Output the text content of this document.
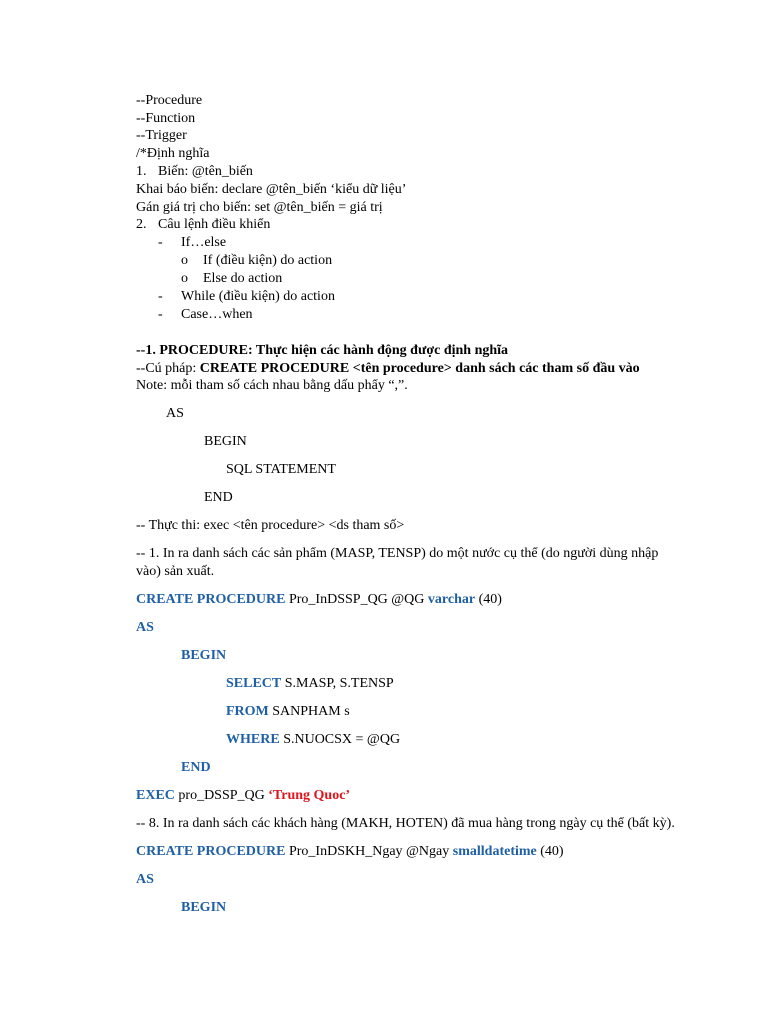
--Procedure
--Function
--Trigger
/*Định nghĩa
1. Biến: @tên_biến
Khai báo biến: declare @tên_biến ‘kiểu dữ liệu’
Gán giá trị cho biến: set @tên_biến = giá trị
2. Câu lệnh điều khiển
- If…else
o If (điều kiện) do action
o Else do action
- While (điều kiện) do action
- Case…when
--1. PROCEDURE: Thực hiện các hành động được định nghĩa
--Cú pháp: CREATE PROCEDURE <tên procedure> danh sách các tham số đầu vào
Note: mỗi tham số cách nhau bằng dấu phẩy “,”.
AS
BEGIN
SQL STATEMENT
END
-- Thực thi: exec <tên procedure> <ds tham số>
-- 1. In ra danh sách các sản phẩm (MASP, TENSP) do một nước cụ thể (do người dùng nhập
vào) sản xuất.
CREATE PROCEDURE Pro_InDSSP_QG @QG varchar (40)
AS
BEGIN
SELECT S.MASP, S.TENSP
FROM SANPHAM s
WHERE S.NUOCSX = @QG
END
EXEC pro_DSSP_QG ‘Trung Quoc’
-- 8. In ra danh sách các khách hàng (MAKH, HOTEN) đã mua hàng trong ngày cụ thể (bất kỳ).
CREATE PROCEDURE Pro_InDSKH_Ngay @Ngay smalldatetime (40)
AS
BEGIN
